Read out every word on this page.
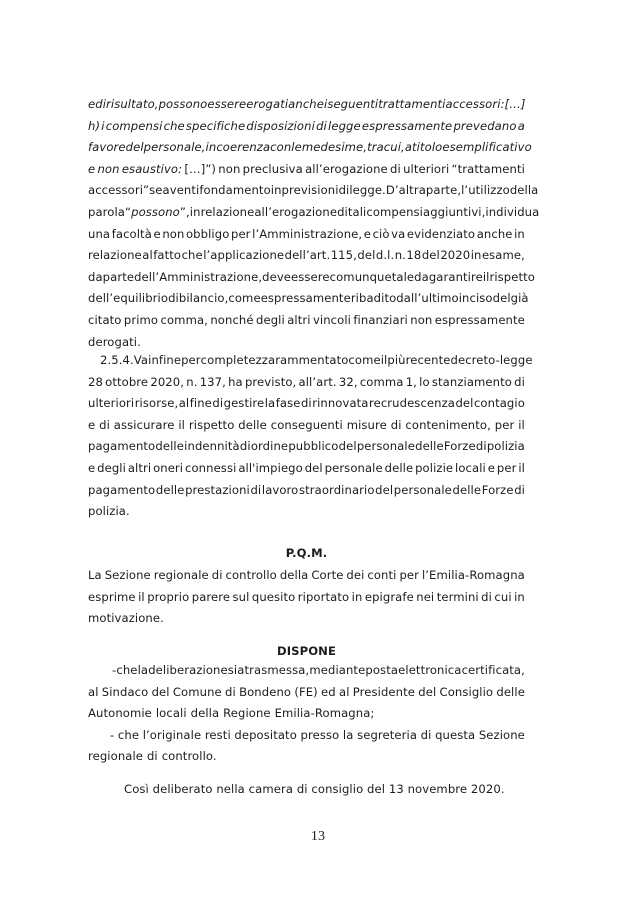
e di risultato, possono essere erogati anche i seguenti trattamenti accessori: […]
h) i compensi che specifiche disposizioni di legge espressamente prevedano a
favore del personale, in coerenza con le medesime, tra cui, a titolo esemplificativo
e non esaustivo: […]”) non preclusiva all’erogazione di ulteriori “trattamenti
accessori” se aventi fondamento in previsioni di legge. D’altra parte, l’utilizzo della
parola “possono”, in relazione all’erogazione di tali compensi aggiuntivi, individua
una facoltà e non obbligo per l’Amministrazione, e ciò va evidenziato anche in
relazione al fatto che l’applicazione dell’art. 115, del d.l. n. 18 del 2020 in esame,
da parte dell’Amministrazione, deve essere comunque tale da garantire il rispetto
dell’equilibrio di bilancio, come espressamente ribadito dall’ultimo inciso del già
citato primo comma, nonché degli altri vincoli finanziari non espressamente
derogati.
2.5.4. Va infine per completezza rammentato come il più recente decreto-legge
28 ottobre 2020, n. 137, ha previsto, all’art. 32, comma 1, lo stanziamento di
ulteriori risorse, al fine di gestire la fase di rinnovata recrudescenza del contagio
e di assicurare il rispetto delle conseguenti misure di contenimento, per il
pagamento delle indennità di ordine pubblico del personale delle Forze di polizia
e degli altri oneri connessi all'impiego del personale delle polizie locali e per il
pagamento delle prestazioni di lavoro straordinario del personale delle Forze di
polizia.
P.Q.M.
La Sezione regionale di controllo della Corte dei conti per l’Emilia-Romagna
esprime il proprio parere sul quesito riportato in epigrafe nei termini di cui in
motivazione.
DISPONE
- che la deliberazione sia trasmessa, mediante posta elettronica certificata,
al Sindaco del Comune di Bondeno (FE) ed al Presidente del Consiglio delle
Autonomie locali della Regione Emilia-Romagna;
- che l’originale resti depositato presso la segreteria di questa Sezione
regionale di controllo.
Così deliberato nella camera di consiglio del 13 novembre 2020.
13
